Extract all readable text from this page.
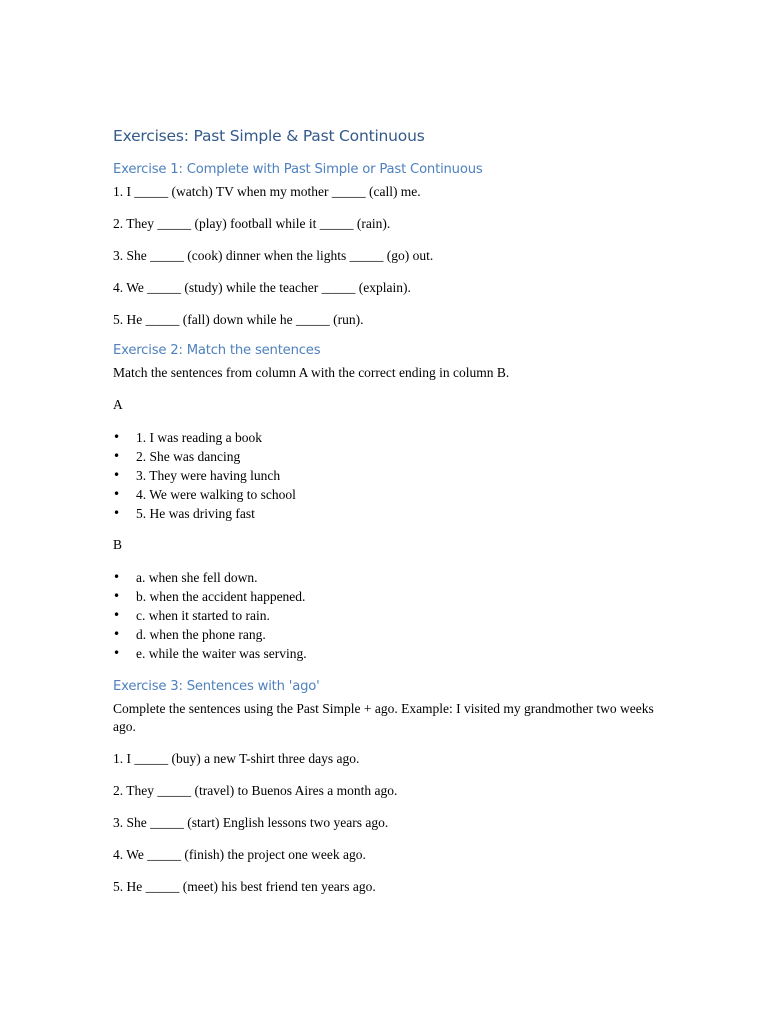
Exercises: Past Simple & Past Continuous
Exercise 1: Complete with Past Simple or Past Continuous

1. I _____ (watch) TV when my mother _____ (call) me.

2. They _____ (play) football while it _____ (rain).

3. She _____ (cook) dinner when the lights _____ (go) out.

4. We _____ (study) while the teacher _____ (explain).

5. He _____ (fall) down while he _____ (run).

Exercise 2: Match the sentences

Match the sentences from column A with the correct ending in column B.

A

• 1. I was reading a book
• 2. She was dancing
• 3. They were having lunch
• 4. We were walking to school
• 5. He was driving fast

B

• a. when she fell down.
• b. when the accident happened.
• c. when it started to rain.
• d. when the phone rang.
• e. while the waiter was serving.
Exercise 3: Sentences with 'ago'

Complete the sentences using the Past Simple + ago. Example: I visited my grandmother two weeks ago.

1. I _____ (buy) a new T-shirt three days ago.

2. They _____ (travel) to Buenos Aires a month ago.

3. She _____ (start) English lessons two years ago.

4. We _____ (finish) the project one week ago.

5. He _____ (meet) his best friend ten years ago.
